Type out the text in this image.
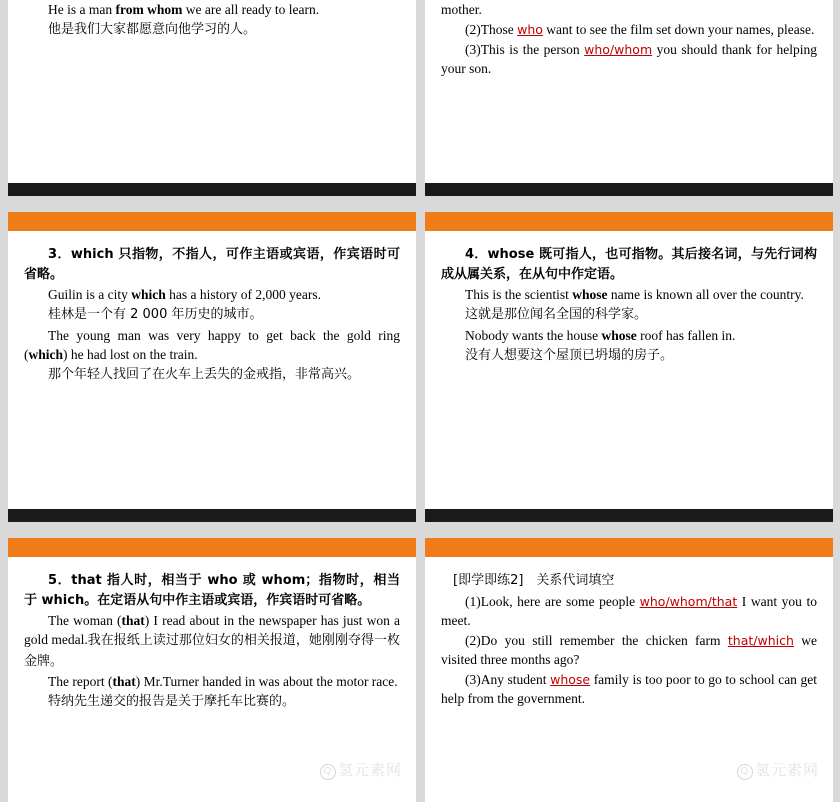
He is a man from whom we are all ready to learn.

他是我们大家都愿意向他学习的人。

mother.

(2)Those who want to see the film set down your names, please.

(3)This is the person who/whom you should thank for helping your son.

3．which 只指物，不指人，可作主语或宾语，作宾语时可省略。

Guilin is a city which has a history of 2,000 years.

桂林是一个有 2 000 年历史的城市。

The young man was very happy to get back the gold ring (which) he had lost on the train.

那个年轻人找回了在火车上丢失的金戒指，非常高兴。

4．whose 既可指人，也可指物。其后接名词，与先行词构成从属关系，在从句中作定语。

This is the scientist whose name is known all over the country.

这就是那位闻名全国的科学家。

Nobody wants the house whose roof has fallen in.

没有人想要这个屋顶已坍塌的房子。

5．that 指人时，相当于 who 或 whom；指物时，相当于 which。在定语从句中作主语或宾语，作宾语时可省略。

The woman (that) I read about in the newspaper has just won a gold medal.我在报纸上读过那位妇女的相关报道，她刚刚夺得一枚金牌。

The report (that) Mr.Turner handed in was about the motor race.

特纳先生递交的报告是关于摩托车比赛的。

Q 氢元素网

[即学即练2]　关系代词填空

(1)Look, here are some people who/whom/that I want you to meet.

(2)Do you still remember the chicken farm that/which we visited three months ago?

(3)Any student whose family is too poor to go to school can get help from the government.

Q 氢元素网
